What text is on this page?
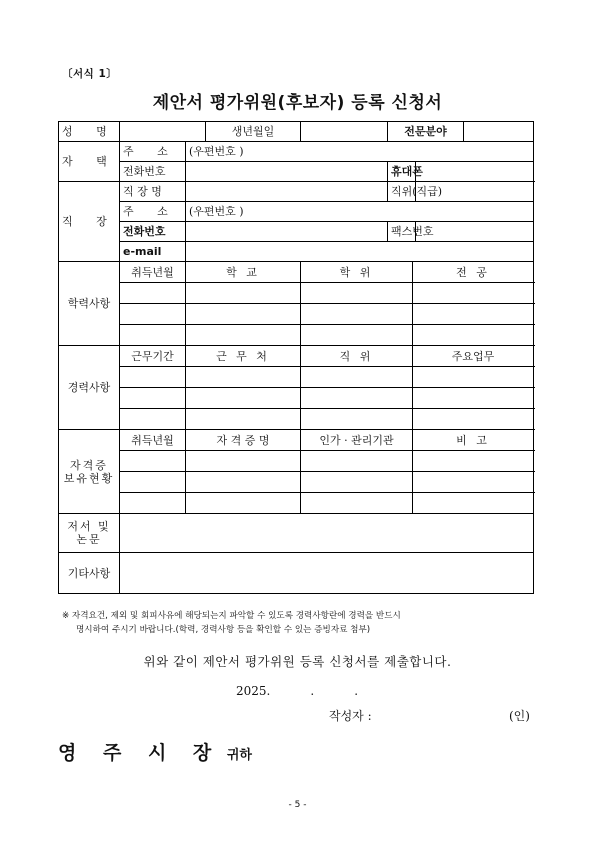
〔서식 1〕
제안서 평가위원(후보자) 등록 신청서
성 명			생년월일		전문분야			
자 택	주 소	(우편번호 )						
	전화번호				휴대폰			
직 장	직 장 명				직위(직급)			
	주 소	(우편번호 )						
	전화번호				팩스번호			
	e-mail							
학력사항	취득년월	학 교		학 위		전 공		

경력사항	근무기간	근 무 처		직 위		주요업무		

자격증
보유현황	취득년월	자 격 증 명		인가 · 관리기관		비 고		

저서 및
논문								
기타사항								
※ 자격요건, 제외 및 회피사유에 해당되는지 파악할 수 있도록 경력사항란에 경력을 반드시
명시하여 주시기 바랍니다.(학력, 경력사항 등을 확인할 수 있는 증빙자료 첨부)
위와 같이 제안서 평가위원 등록 신청서를 제출합니다.
2025.	.	.
작성자 :	(인)
영 주 시 장 귀하
- 5 -
